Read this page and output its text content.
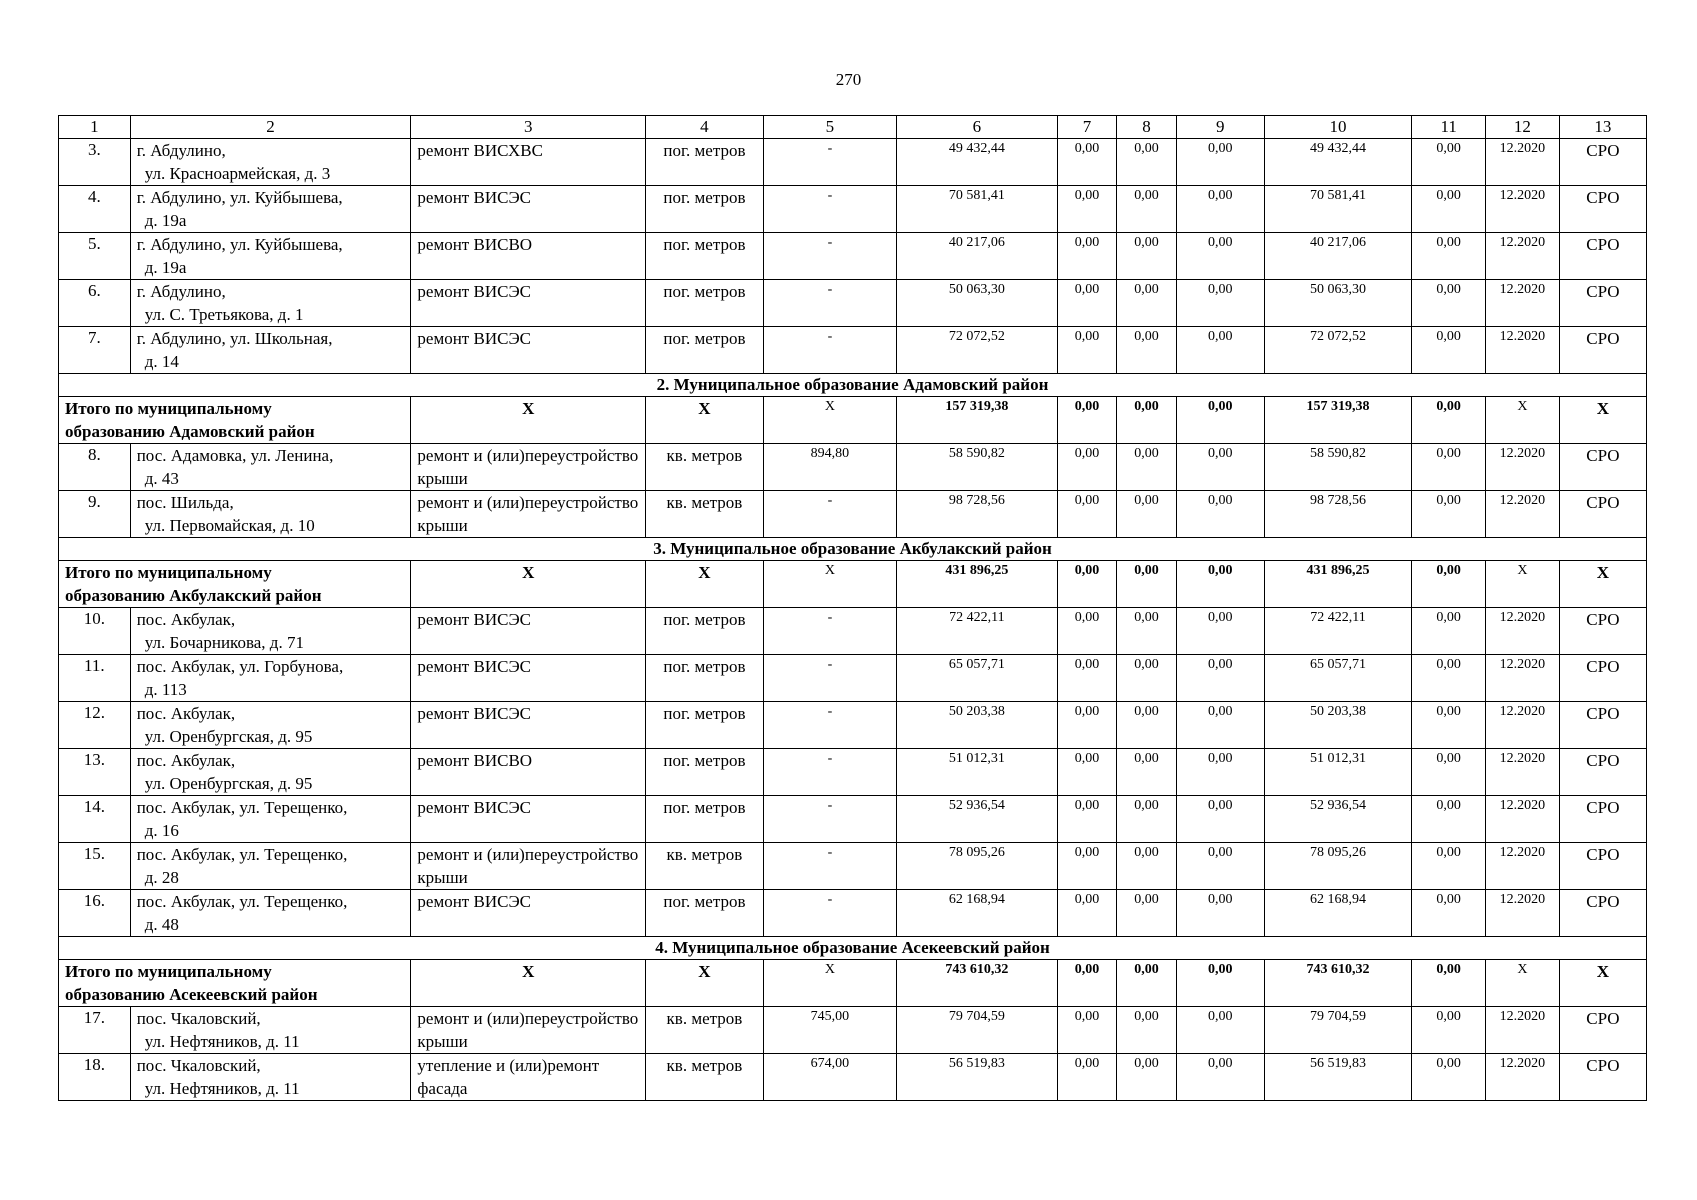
270
1	2	3	4	5	6	7	8	9	10	11	12	13
3.	г. Абдулино,
ул. Красноармейская, д. 3	ремонт ВИСХВС	пог. метров	-	49 432,44	0,00	0,00	0,00	49 432,44	0,00	12.2020	СРО
4.	г. Абдулино, ул. Куйбышева,
д. 19а	ремонт ВИСЭС	пог. метров	-	70 581,41	0,00	0,00	0,00	70 581,41	0,00	12.2020	СРО
5.	г. Абдулино, ул. Куйбышева,
д. 19а	ремонт ВИСВО	пог. метров	-	40 217,06	0,00	0,00	0,00	40 217,06	0,00	12.2020	СРО
6.	г. Абдулино,
ул. С. Третьякова, д. 1	ремонт ВИСЭС	пог. метров	-	50 063,30	0,00	0,00	0,00	50 063,30	0,00	12.2020	СРО
7.	г. Абдулино, ул. Школьная,
д. 14	ремонт ВИСЭС	пог. метров	-	72 072,52	0,00	0,00	0,00	72 072,52	0,00	12.2020	СРО
2. Муниципальное образование Адамовский район												

Итого по муниципальному
образованию Адамовский район		Х	Х	Х	157 319,38	0,00	0,00	0,00	157 319,38	0,00	Х	Х
8.	пос. Адамовка, ул. Ленина,
д. 43	ремонт и (или)переустройство крыши	кв. метров	894,80	58 590,82	0,00	0,00	0,00	58 590,82	0,00	12.2020	СРО
9.	пос. Шильда,
ул. Первомайская, д. 10	ремонт и (или)переустройство крыши	кв. метров	-	98 728,56	0,00	0,00	0,00	98 728,56	0,00	12.2020	СРО
3. Муниципальное образование Акбулакский район												

Итого по муниципальному
образованию Акбулакский район		Х	Х	Х	431 896,25	0,00	0,00	0,00	431 896,25	0,00	Х	Х
10.	пос. Акбулак,
ул. Бочарникова, д. 71	ремонт ВИСЭС	пог. метров	-	72 422,11	0,00	0,00	0,00	72 422,11	0,00	12.2020	СРО
11.	пос. Акбулак, ул. Горбунова,
д. 113	ремонт ВИСЭС	пог. метров	-	65 057,71	0,00	0,00	0,00	65 057,71	0,00	12.2020	СРО
12.	пос. Акбулак,
ул. Оренбургская, д. 95	ремонт ВИСЭС	пог. метров	-	50 203,38	0,00	0,00	0,00	50 203,38	0,00	12.2020	СРО
13.	пос. Акбулак,
ул. Оренбургская, д. 95	ремонт ВИСВО	пог. метров	-	51 012,31	0,00	0,00	0,00	51 012,31	0,00	12.2020	СРО
14.	пос. Акбулак, ул. Терещенко,
д. 16	ремонт ВИСЭС	пог. метров	-	52 936,54	0,00	0,00	0,00	52 936,54	0,00	12.2020	СРО
15.	пос. Акбулак, ул. Терещенко,
д. 28	ремонт и (или)переустройство крыши	кв. метров	-	78 095,26	0,00	0,00	0,00	78 095,26	0,00	12.2020	СРО
16.	пос. Акбулак, ул. Терещенко,
д. 48	ремонт ВИСЭС	пог. метров	-	62 168,94	0,00	0,00	0,00	62 168,94	0,00	12.2020	СРО
4. Муниципальное образование Асекеевский район												

Итого по муниципальному
образованию Асекеевский район		Х	Х	Х	743 610,32	0,00	0,00	0,00	743 610,32	0,00	Х	Х
17.	пос. Чкаловский,
ул. Нефтяников, д. 11	ремонт и (или)переустройство крыши	кв. метров	745,00	79 704,59	0,00	0,00	0,00	79 704,59	0,00	12.2020	СРО
18.	пос. Чкаловский,
ул. Нефтяников, д. 11	утепление и (или)ремонт фасада	кв. метров	674,00	56 519,83	0,00	0,00	0,00	56 519,83	0,00	12.2020	СРО
